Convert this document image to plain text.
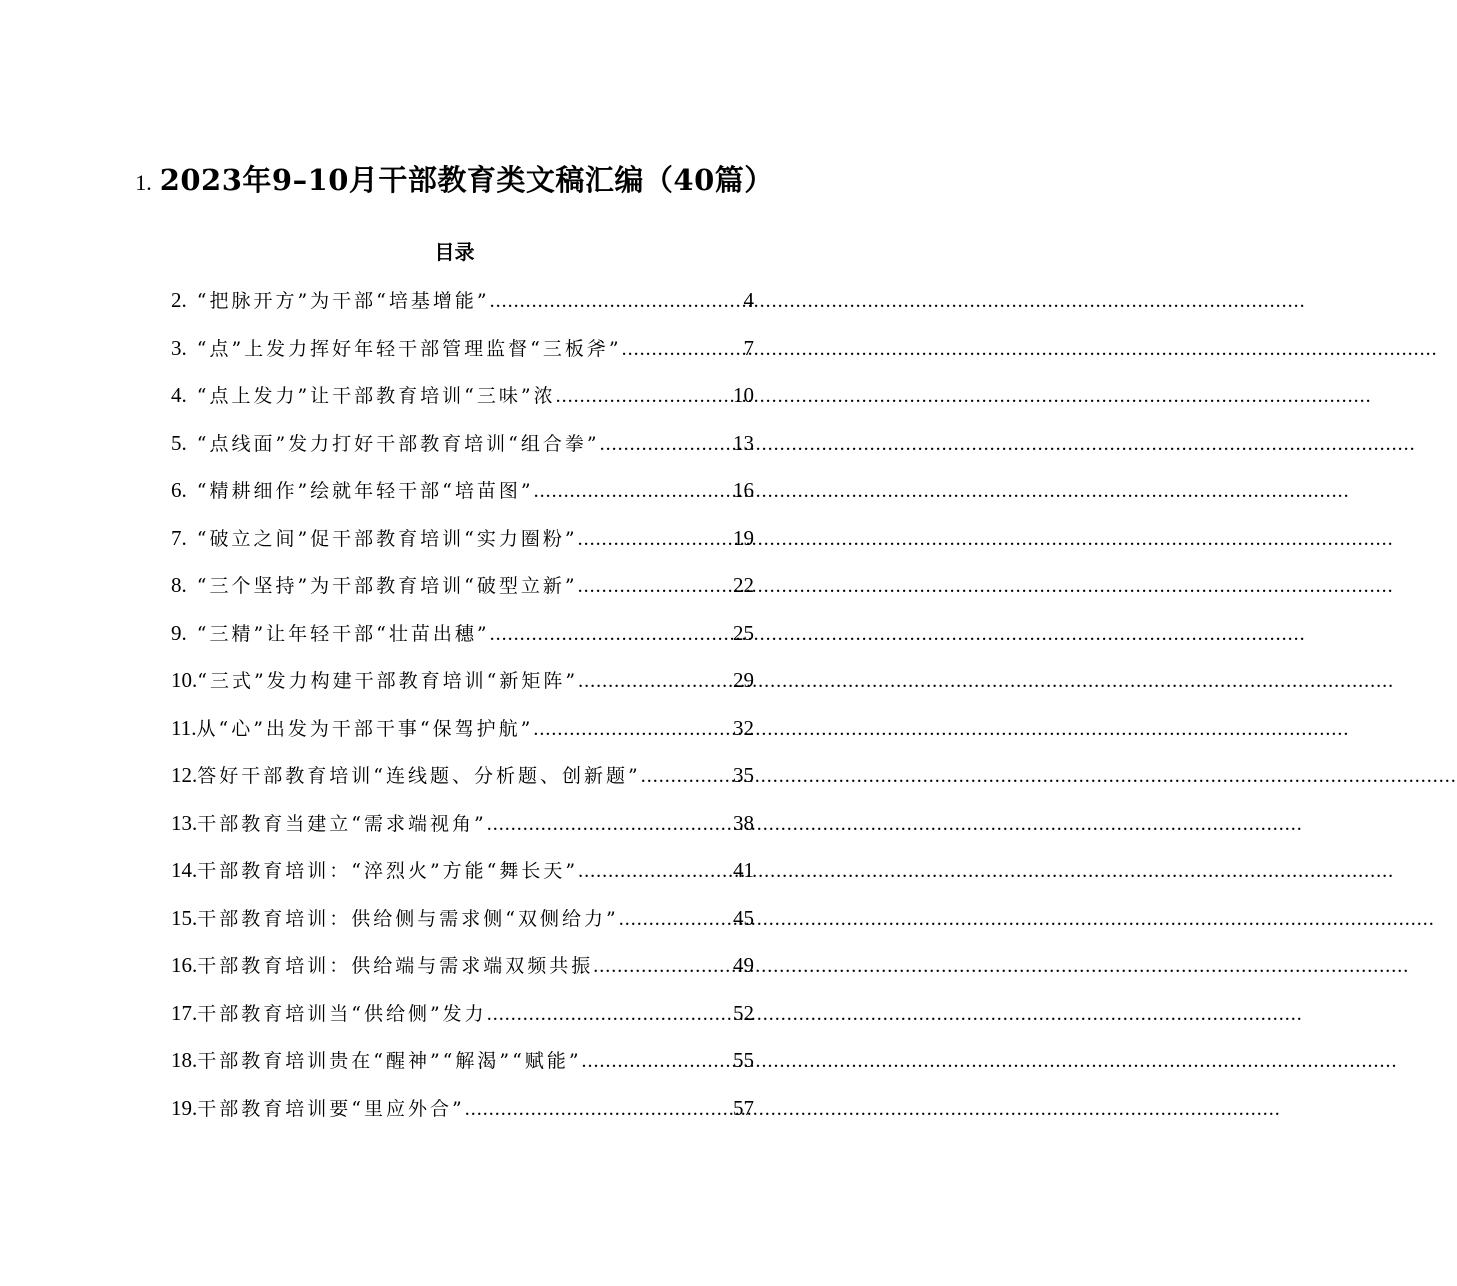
1. 2023年9–10月干部教育类文稿汇编（40篇）
目录
2. “把脉开方”为干部“培基增能” .....	4
3. “点”上发力挥好年轻干部管理监督“三板斧” .....	7
4. “点上发力”让干部教育培训“三味”浓 .....	10
5. “点线面”发力打好干部教育培训“组合拳” .....	13
6. “精耕细作”绘就年轻干部“培苗图” .....	16
7. “破立之间”促干部教育培训“实力圈粉” .....	19
8. “三个坚持”为干部教育培训“破型立新” .....	22
9. “三精”让年轻干部“壮苗出穗” .....	25
10. “三式”发力构建干部教育培训“新矩阵” .....	29
11. 从“心”出发为干部干事“保驾护航” .....	32
12. 答好干部教育培训“连线题、分析题、创新题” .....	35
13. 干部教育当建立“需求端视角” .....	38
14. 干部教育培训：“淬烈火”方能“舞长天” .....	41
15. 干部教育培训：供给侧与需求侧“双侧给力” .....	45
16. 干部教育培训：供给端与需求端双频共振 .....	49
17. 干部教育培训当“供给侧”发力 .....	52
18. 干部教育培训贵在“醒神”“解渴”“赋能” .....	55
19. 干部教育培训要“里应外合” .....	57
